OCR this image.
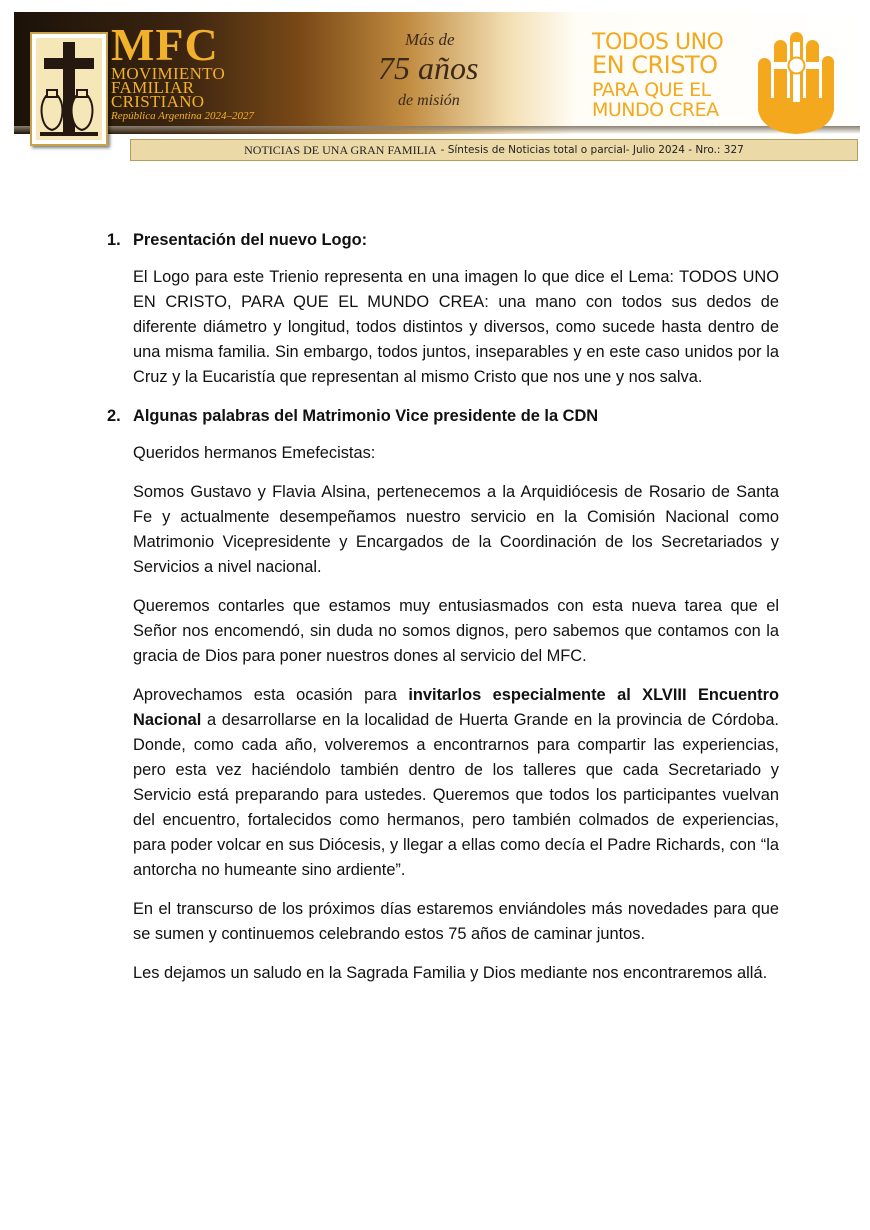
MFC
MOVIMIENTO
FAMILIAR
CRISTIANO
República Argentina 2024–2027
Más de
75 años
de misión
TODOS UNO
EN CRISTO
PARA QUE EL
MUNDO CREA
NOTICIAS DE UNA GRAN FAMILIA - Síntesis de Noticias total o parcial- Julio 2024 - Nro.: 327
1. Presentación del nuevo Logo:

El Logo para este Trienio representa en una imagen lo que dice el Lema: TODOS UNO EN CRISTO, PARA QUE EL MUNDO CREA: una mano con todos sus dedos de diferente diámetro y longitud, todos distintos y diversos, como sucede hasta dentro de una misma familia. Sin embargo, todos juntos, inseparables y en este caso unidos por la Cruz y la Eucaristía que representan al mismo Cristo que nos une y nos salva.

2. Algunas palabras del Matrimonio Vice presidente de la CDN

Queridos hermanos Emefecistas:

Somos Gustavo y Flavia Alsina, pertenecemos a la Arquidiócesis de Rosario de Santa Fe y actualmente desempeñamos nuestro servicio en la Comisión Nacional como Matrimonio Vicepresidente y Encargados de la Coordinación de los Secretariados y Servicios a nivel nacional.

Queremos contarles que estamos muy entusiasmados con esta nueva tarea que el Señor nos encomendó, sin duda no somos dignos, pero sabemos que contamos con la gracia de Dios para poner nuestros dones al servicio del MFC.

Aprovechamos esta ocasión para invitarlos especialmente al XLVIII Encuentro Nacional a desarrollarse en la localidad de Huerta Grande en la provincia de Córdoba. Donde, como cada año, volveremos a encontrarnos para compartir las experiencias, pero esta vez haciéndolo también dentro de los talleres que cada Secretariado y Servicio está preparando para ustedes. Queremos que todos los participantes vuelvan del encuentro, fortalecidos como hermanos, pero también colmados de experiencias, para poder volcar en sus Diócesis, y llegar a ellas como decía el Padre Richards, con “la antorcha no humeante sino ardiente”.

En el transcurso de los próximos días estaremos enviándoles más novedades para que se sumen y continuemos celebrando estos 75 años de caminar juntos.

Les dejamos un saludo en la Sagrada Familia y Dios mediante nos encontraremos allá.
